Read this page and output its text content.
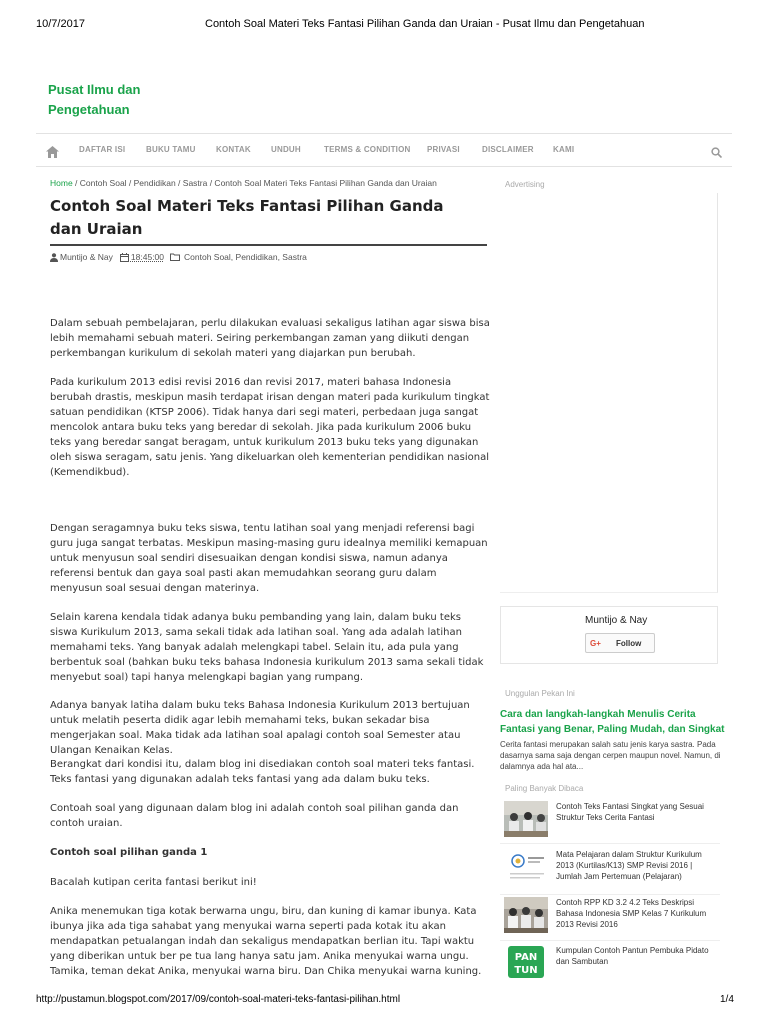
10/7/2017	Contoh Soal Materi Teks Fantasi Pilihan Ganda dan Uraian - Pusat Ilmu dan Pengetahuan
Pusat Ilmu dan Pengetahuan
DAFTAR ISI	BUKU TAMU	KONTAK	UNDUH	TERMS & CONDITION PRIVASI	DISCLAIMER KAMI
Home / Contoh Soal / Pendidikan / Sastra / Contoh Soal Materi Teks Fantasi Pilihan Ganda dan Uraian
Contoh Soal Materi Teks Fantasi Pilihan Ganda dan Uraian
Muntijo & Nay 18:45:00 Contoh Soal, Pendidikan, Sastra

Dalam sebuah pembelajaran, perlu dilakukan evaluasi sekaligus latihan agar siswa bisa lebih memahami sebuah materi. Seiring perkembangan zaman yang diikuti dengan perkembangan kurikulum di sekolah materi yang diajarkan pun berubah.

Pada kurikulum 2013 edisi revisi 2016 dan revisi 2017, materi bahasa Indonesia berubah drastis, meskipun masih terdapat irisan dengan materi pada kurikulum tingkat satuan pendidikan (KTSP 2006). Tidak hanya dari segi materi, perbedaan juga sangat mencolok antara buku teks yang beredar di sekolah. Jika pada kurikulum 2006 buku teks yang beredar sangat beragam, untuk kurikulum 2013 buku teks yang digunakan oleh siswa seragam, satu jenis. Yang dikeluarkan oleh kementerian pendidikan nasional (Kemendikbud).

Dengan seragamnya buku teks siswa, tentu latihan soal yang menjadi referensi bagi guru juga sangat terbatas. Meskipun masing-masing guru idealnya memiliki kemapuan untuk menyusun soal sendiri disesuaikan dengan kondisi siswa, namun adanya referensi bentuk dan gaya soal pasti akan memudahkan seorang guru dalam menyusun soal sesuai dengan materinya.

Selain karena kendala tidak adanya buku pembanding yang lain, dalam buku teks siswa Kurikulum 2013, sama sekali tidak ada latihan soal. Yang ada adalah latihan memahami teks. Yang banyak adalah melengkapi tabel. Selain itu, ada pula yang berbentuk soal (bahkan buku teks bahasa Indonesia kurikulum 2013 sama sekali tidak menyebut soal) tapi hanya melengkapi bagian yang rumpang.

Adanya banyak latiha dalam buku teks Bahasa Indonesia Kurikulum 2013 bertujuan untuk melatih peserta didik agar lebih memahami teks, bukan sekadar bisa mengerjakan soal. Maka tidak ada latihan soal apalagi contoh soal Semester atau Ulangan Kenaikan Kelas.

Berangkat dari kondisi itu, dalam blog ini disediakan contoh soal materi teks fantasi. Teks fantasi yang digunakan adalah teks fantasi yang ada dalam buku teks.

Contoah soal yang digunaan dalam blog ini adalah contoh soal pilihan ganda dan contoh uraian.

Contoh soal pilihan ganda 1

Bacalah kutipan cerita fantasi berikut ini!

Anika menemukan tiga kotak berwarna ungu, biru, dan kuning di kamar ibunya. Kata ibunya jika ada tiga sahabat yang menyukai warna seperti pada kotak itu akan mendapatkan petualangan indah dan sekaligus mendapatkan berlian itu. Tapi waktu yang diberikan untuk ber pe tua lang hanya satu jam. Anika menyukai warna ungu. Tamika, teman dekat Anika, menyukai warna biru. Dan Chika menyukai warna kuning.

Advertising
Muntijo & Nay
G+ Follow
Unggulan Pekan Ini
Cara dan langkah-langkah Menulis Cerita Fantasi yang Benar, Paling Mudah, dan Singkat

Cerita fantasi merupakan salah satu jenis karya sastra. Pada dasarnya sama saja dengan cerpen maupun novel. Namun, di dalamnya ada hal ata...

Paling Banyak Dibaca
Contoh Teks Fantasi Singkat yang Sesuai Struktur Teks Cerita Fantasi
Mata Pelajaran dalam Struktur Kurikulum 2013 (Kurtilas/K13) SMP Revisi 2016 | Jumlah Jam Pertemuan (Pelajaran)
Contoh RPP KD 3.2 4.2 Teks Deskripsi Bahasa Indonesia SMP Kelas 7 Kurikulum 2013 Revisi 2016
PAN
TUN
Kumpulan Contoh Pantun Pembuka Pidato dan Sambutan
http://pustamun.blogspot.com/2017/09/contoh-soal-materi-teks-fantasi-pilihan.html	1/4
